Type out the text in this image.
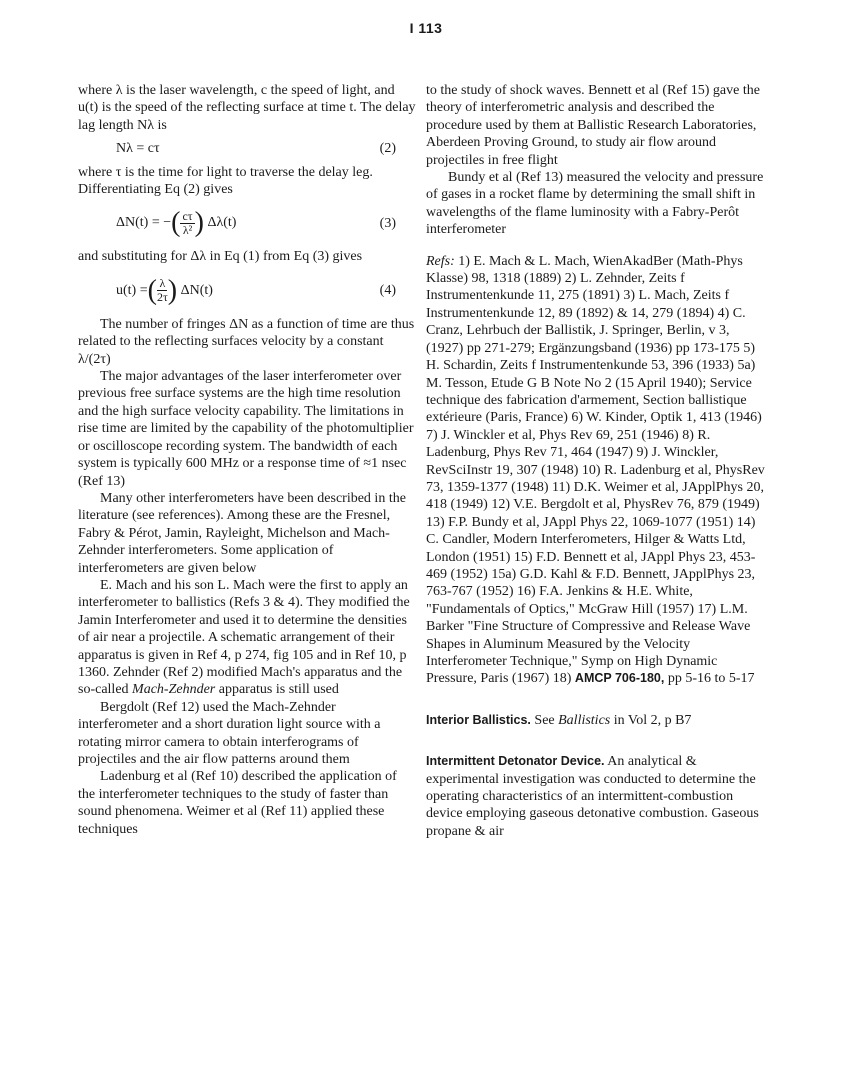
I 113

where λ is the laser wavelength, c the speed of light, and u(t) is the speed of the reflecting surface at time t. The delay lag length Nλ is

Nλ = cτ	(2)

where τ is the time for light to traverse the delay leg. Differentiating Eq (2) gives

ΔN(t) = −( $\frac{c\tau}{\text{λ²}}$ ) Δλ(t)	(3)

and substituting for Δλ in Eq (1) from Eq (3) gives

u(t) =( $\frac{\lambda}{2\tau}$ ) ΔN(t)	(4)

The number of fringes ΔN as a function of time are thus related to the reflecting surfaces velocity by a constant λ/(2τ)

The major advantages of the laser interferometer over previous free surface systems are the high time resolution and the high surface velocity capability. The limitations in rise time are limited by the capability of the photomultiplier or oscilloscope recording system. The bandwidth of each system is typically 600 MHz or a response time of ≈1 nsec (Ref 13)

Many other interferometers have been described in the literature (see references). Among these are the Fresnel, Fabry & Pérot, Jamin, Rayleight, Michelson and Mach-Zehnder interferometers. Some application of interferometers are given below

E. Mach and his son L. Mach were the first to apply an interferometer to ballistics (Refs 3 & 4). They modified the Jamin Interferometer and used it to determine the densities of air near a projectile. A schematic arrangement of their apparatus is given in Ref 4, p 274, fig 105 and in Ref 10, p 1360. Zehnder (Ref 2) modified Mach's apparatus and the so-called Mach-Zehnder apparatus is still used

Bergdolt (Ref 12) used the Mach-Zehnder interferometer and a short duration light source with a rotating mirror camera to obtain interferograms of projectiles and the air flow patterns around them

Ladenburg et al (Ref 10) described the application of the interferometer techniques to the study of faster than sound phenomena. Weimer et al (Ref 11) applied these techniques

to the study of shock waves. Bennett et al (Ref 15) gave the theory of interferometric analysis and described the procedure used by them at Ballistic Research Laboratories, Aberdeen Proving Ground, to study air flow around projectiles in free flight

Bundy et al (Ref 13) measured the velocity and pressure of gases in a rocket flame by determining the small shift in wavelengths of the flame luminosity with a Fabry-Perôt interferometer

Refs: 1) E. Mach & L. Mach, WienAkadBer (Math-Phys Klasse) 98, 1318 (1889) 2) L. Zehnder, Zeits f Instrumentenkunde 11, 275 (1891) 3) L. Mach, Zeits f Instrumentenkunde 12, 89 (1892) & 14, 279 (1894) 4) C. Cranz, Lehrbuch der Ballistik, J. Springer, Berlin, v 3, (1927) pp 271-279; Ergänzungsband (1936) pp 173-175 5) H. Schardin, Zeits f Instrumentenkunde 53, 396 (1933) 5a) M. Tesson, Etude G B Note No 2 (15 April 1940); Service technique des fabrication d'armement, Section ballistique extérieure (Paris, France) 6) W. Kinder, Optik 1, 413 (1946) 7) J. Winckler et al, Phys Rev 69, 251 (1946) 8) R. Ladenburg, Phys Rev 71, 464 (1947) 9) J. Winckler, RevSciInstr 19, 307 (1948) 10) R. Ladenburg et al, PhysRev 73, 1359-1377 (1948) 11) D.K. Weimer et al, JApplPhys 20, 418 (1949) 12) V.E. Bergdolt et al, PhysRev 76, 879 (1949) 13) F.P. Bundy et al, JAppl Phys 22, 1069-1077 (1951) 14) C. Candler, Modern Interferometers, Hilger & Watts Ltd, London (1951) 15) F.D. Bennett et al, JAppl Phys 23, 453-469 (1952) 15a) G.D. Kahl & F.D. Bennett, JApplPhys 23, 763-767 (1952) 16) F.A. Jenkins & H.E. White, "Fundamentals of Optics," McGraw Hill (1957) 17) L.M. Barker "Fine Structure of Compressive and Release Wave Shapes in Aluminum Measured by the Velocity Interferometer Technique," Symp on High Dynamic Pressure, Paris (1967) 18) AMCP 706-180, pp 5-16 to 5-17

Interior Ballistics. See Ballistics in Vol 2, p B7

Intermittent Detonator Device. An analytical & experimental investigation was conducted to determine the operating characteristics of an intermittent-combustion device employing gaseous detonative combustion. Gaseous propane & air
